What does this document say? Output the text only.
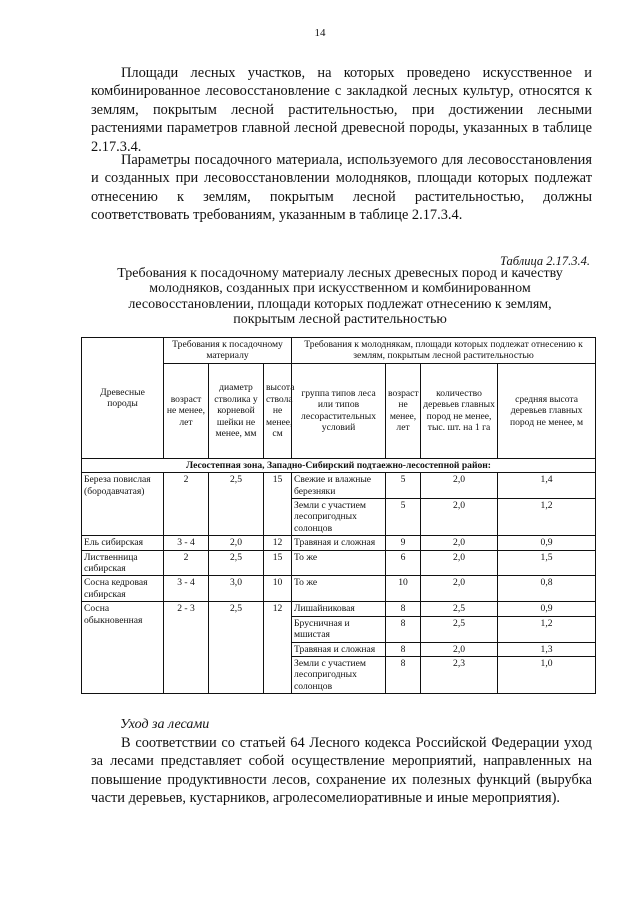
14
Площади лесных участков, на которых проведено искусственное и комбинированное лесовосстановление с закладкой лесных культур, относятся к землям, покрытым лесной растительностью, при достижении лесными растениями параметров главной лесной древесной породы, указанных в таблице 2.17.3.4.
Параметры посадочного материала, используемого для лесовосстановления и созданных при лесовосстановлении молодняков, площади которых подлежат отнесению к землям, покрытым лесной растительностью, должны соответствовать требованиям, указанным в таблице 2.17.3.4.
Таблица 2.17.3.4.
Требования к посадочному материалу лесных древесных пород и качеству молодняков, созданных при искусственном и комбинированном лесовосстановлении, площади которых подлежат отнесению к землям, покрытым лесной растительностью
Древесные породы	Требования к посадочному материалу			Требования к молоднякам, площади которых подлежат отнесению к землям, покрытым лесной растительностью			
	возраст не менее, лет	диаметр стволика у корневой шейки не менее, мм	высота ствола не менее, см	группа типов леса или типов лесорастительных условий	возраст не менее, лет	количество деревьев главных пород не менее, тыс. шт. на 1 га	средняя высота деревьев главных пород не менее, м
Лесостепная зона, Западно-Сибирский подтаежно-лесостепной район:							
Береза повислая (бородавчатая)	2	2,5	15	Свежие и влажные березняки	5	2,0	1,4
				Земли с участием лесопригодных солонцов	5	2,0	1,2
Ель сибирская	3 - 4	2,0	12	Травяная и сложная	9	2,0	0,9
Лиственница сибирская	2	2,5	15	То же	6	2,0	1,5
Сосна кедровая сибирская	3 - 4	3,0	10	То же	10	2,0	0,8
Сосна обыкновенная	2 - 3	2,5	12	Лишайниковая	8	2,5	0,9
				Брусничная и мшистая	8	2,5	1,2
				Травяная и сложная	8	2,0	1,3
				Земли с участием лесопригодных солонцов	8	2,3	1,0
Уход за лесами
В соответствии со статьей 64 Лесного кодекса Российской Федерации уход за лесами представляет собой осуществление мероприятий, направленных на повышение продуктивности лесов, сохранение их полезных функций (вырубка части деревьев, кустарников, агролесомелиоративные и иные мероприятия).
